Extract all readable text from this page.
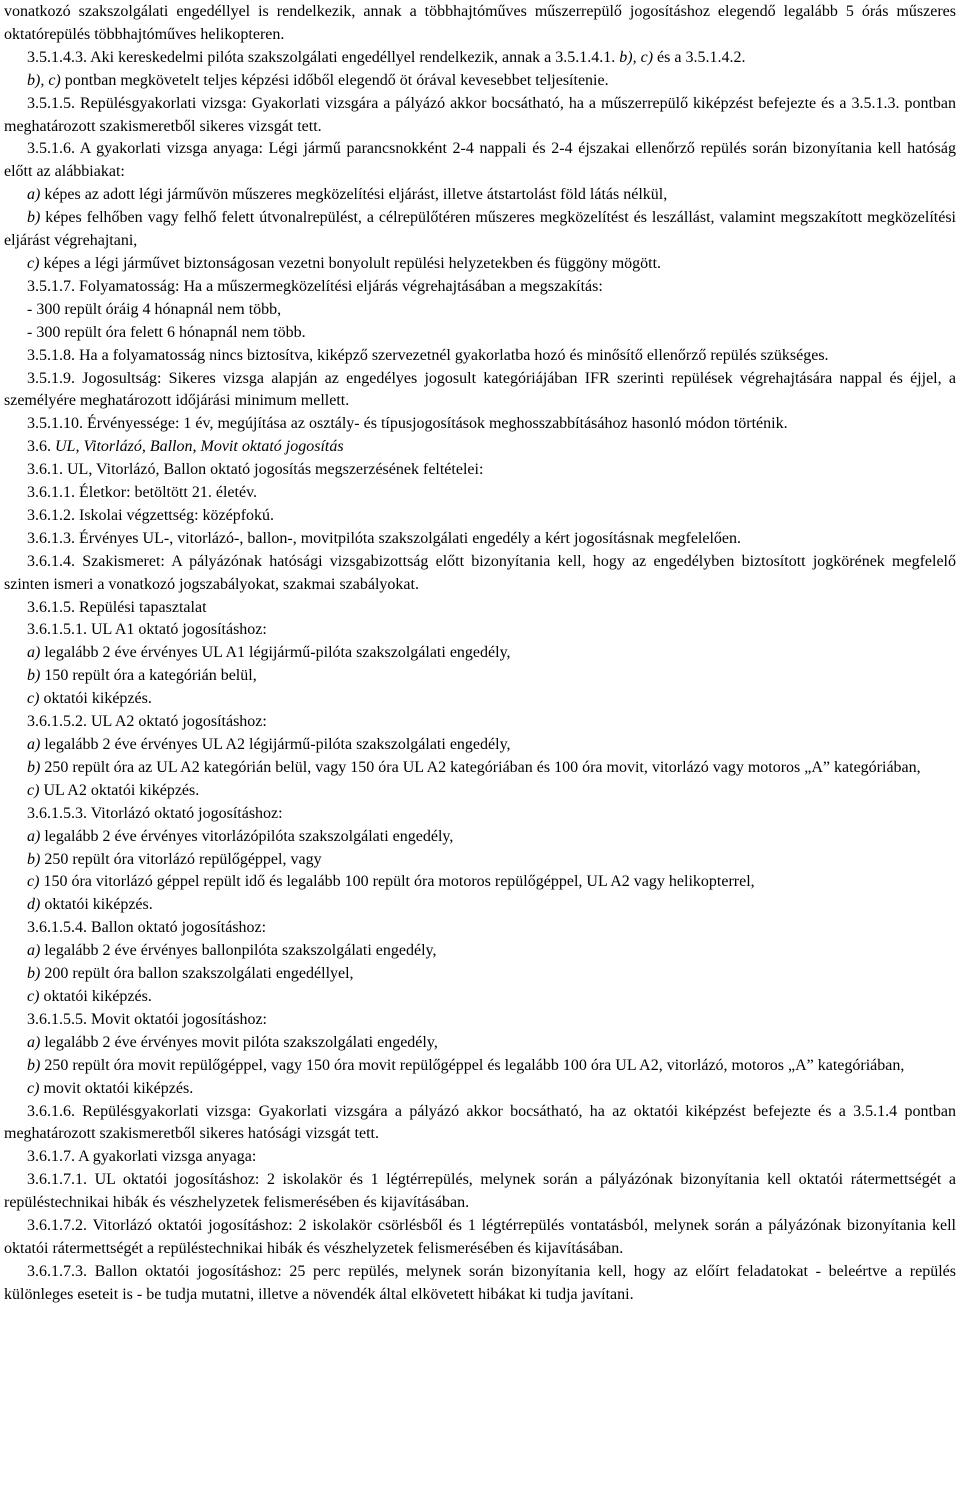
vonatkozó szakszolgálati engedéllyel is rendelkezik, annak a többhajtóműves műszerrepülő jogosításhoz elegendő legalább 5 órás műszeres oktatórepülés többhajtóműves helikopteren.

3.5.1.4.3. Aki kereskedelmi pilóta szakszolgálati engedéllyel rendelkezik, annak a 3.5.1.4.1. b), c) és a 3.5.1.4.2.

b), c) pontban megkövetelt teljes képzési időből elegendő öt órával kevesebbet teljesítenie.

3.5.1.5. Repülésgyakorlati vizsga: Gyakorlati vizsgára a pályázó akkor bocsátható, ha a műszerrepülő kiképzést befejezte és a 3.5.1.3. pontban meghatározott szakismeretből sikeres vizsgát tett.

3.5.1.6. A gyakorlati vizsga anyaga: Légi jármű parancsnokként 2-4 nappali és 2-4 éjszakai ellenőrző repülés során bizonyítania kell hatóság előtt az alábbiakat:

a) képes az adott légi járművön műszeres megközelítési eljárást, illetve átstartolást föld látás nélkül,

b) képes felhőben vagy felhő felett útvonalrepülést, a célrepülőtéren műszeres megközelítést és leszállást, valamint megszakított megközelítési eljárást végrehajtani,

c) képes a légi járművet biztonságosan vezetni bonyolult repülési helyzetekben és függöny mögött.

3.5.1.7. Folyamatosság: Ha a műszermegközelítési eljárás végrehajtásában a megszakítás:

- 300 repült óráig 4 hónapnál nem több,

- 300 repült óra felett 6 hónapnál nem több.

3.5.1.8. Ha a folyamatosság nincs biztosítva, kiképző szervezetnél gyakorlatba hozó és minősítő ellenőrző repülés szükséges.

3.5.1.9. Jogosultság: Sikeres vizsga alapján az engedélyes jogosult kategóriájában IFR szerinti repülések végrehajtására nappal és éjjel, a személyére meghatározott időjárási minimum mellett.

3.5.1.10. Érvényessége: 1 év, megújítása az osztály- és típusjogosítások meghosszabbításához hasonló módon történik.

3.6. UL, Vitorlázó, Ballon, Movit oktató jogosítás

3.6.1. UL, Vitorlázó, Ballon oktató jogosítás megszerzésének feltételei:

3.6.1.1. Életkor: betöltött 21. életév.

3.6.1.2. Iskolai végzettség: középfokú.

3.6.1.3. Érvényes UL-, vitorlázó-, ballon-, movitpilóta szakszolgálati engedély a kért jogosításnak megfelelően.

3.6.1.4. Szakismeret: A pályázónak hatósági vizsgabizottság előtt bizonyítania kell, hogy az engedélyben biztosított jogkörének megfelelő szinten ismeri a vonatkozó jogszabályokat, szakmai szabályokat.

3.6.1.5. Repülési tapasztalat

3.6.1.5.1. UL A1 oktató jogosításhoz:

a) legalább 2 éve érvényes UL A1 légijármű-pilóta szakszolgálati engedély,

b) 150 repült óra a kategórián belül,

c) oktatói kiképzés.

3.6.1.5.2. UL A2 oktató jogosításhoz:

a) legalább 2 éve érvényes UL A2 légijármű-pilóta szakszolgálati engedély,

b) 250 repült óra az UL A2 kategórián belül, vagy 150 óra UL A2 kategóriában és 100 óra movit, vitorlázó vagy motoros „A” kategóriában,

c) UL A2 oktatói kiképzés.

3.6.1.5.3. Vitorlázó oktató jogosításhoz:

a) legalább 2 éve érvényes vitorlázópilóta szakszolgálati engedély,

b) 250 repült óra vitorlázó repülőgéppel, vagy

c) 150 óra vitorlázó géppel repült idő és legalább 100 repült óra motoros repülőgéppel, UL A2 vagy helikopterrel,

d) oktatói kiképzés.

3.6.1.5.4. Ballon oktató jogosításhoz:

a) legalább 2 éve érvényes ballonpilóta szakszolgálati engedély,

b) 200 repült óra ballon szakszolgálati engedéllyel,

c) oktatói kiképzés.

3.6.1.5.5. Movit oktatói jogosításhoz:

a) legalább 2 éve érvényes movit pilóta szakszolgálati engedély,

b) 250 repült óra movit repülőgéppel, vagy 150 óra movit repülőgéppel és legalább 100 óra UL A2, vitorlázó, motoros „A” kategóriában,

c) movit oktatói kiképzés.

3.6.1.6. Repülésgyakorlati vizsga: Gyakorlati vizsgára a pályázó akkor bocsátható, ha az oktatói kiképzést befejezte és a 3.5.1.4 pontban meghatározott szakismeretből sikeres hatósági vizsgát tett.

3.6.1.7. A gyakorlati vizsga anyaga:

3.6.1.7.1. UL oktatói jogosításhoz: 2 iskolakör és 1 légtérrepülés, melynek során a pályázónak bizonyítania kell oktatói rátermettségét a repüléstechnikai hibák és vészhelyzetek felismerésében és kijavításában.

3.6.1.7.2. Vitorlázó oktatói jogosításhoz: 2 iskolakör csörlésből és 1 légtérrepülés vontatásból, melynek során a pályázónak bizonyítania kell oktatói rátermettségét a repüléstechnikai hibák és vészhelyzetek felismerésében és kijavításában.

3.6.1.7.3. Ballon oktatói jogosításhoz: 25 perc repülés, melynek során bizonyítania kell, hogy az előírt feladatokat - beleértve a repülés különleges eseteit is - be tudja mutatni, illetve a növendék által elkövetett hibákat ki tudja javítani.
